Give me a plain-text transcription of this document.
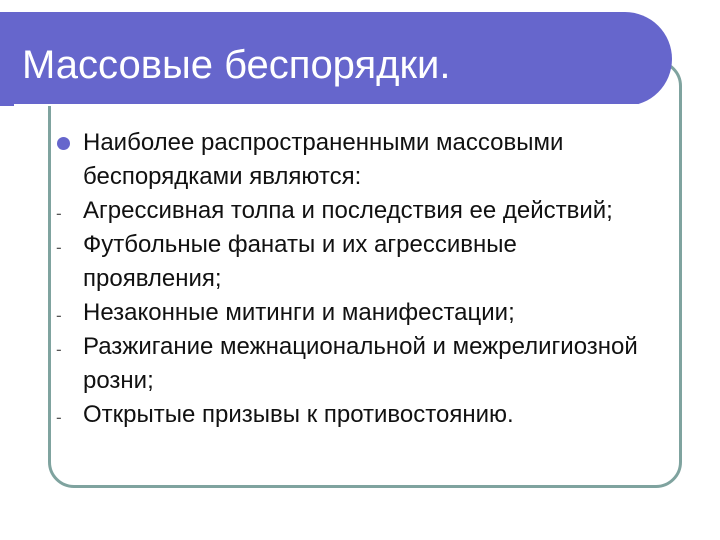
Массовые беспорядки.
Наиболее распространенными массовыми беспорядками являются:
- Агрессивная толпа и последствия ее действий;
- Футбольные фанаты и их агрессивные проявления;
- Незаконные митинги и манифестации;
- Разжигание межнациональной и межрелигиозной розни;
- Открытые призывы к противостоянию.
